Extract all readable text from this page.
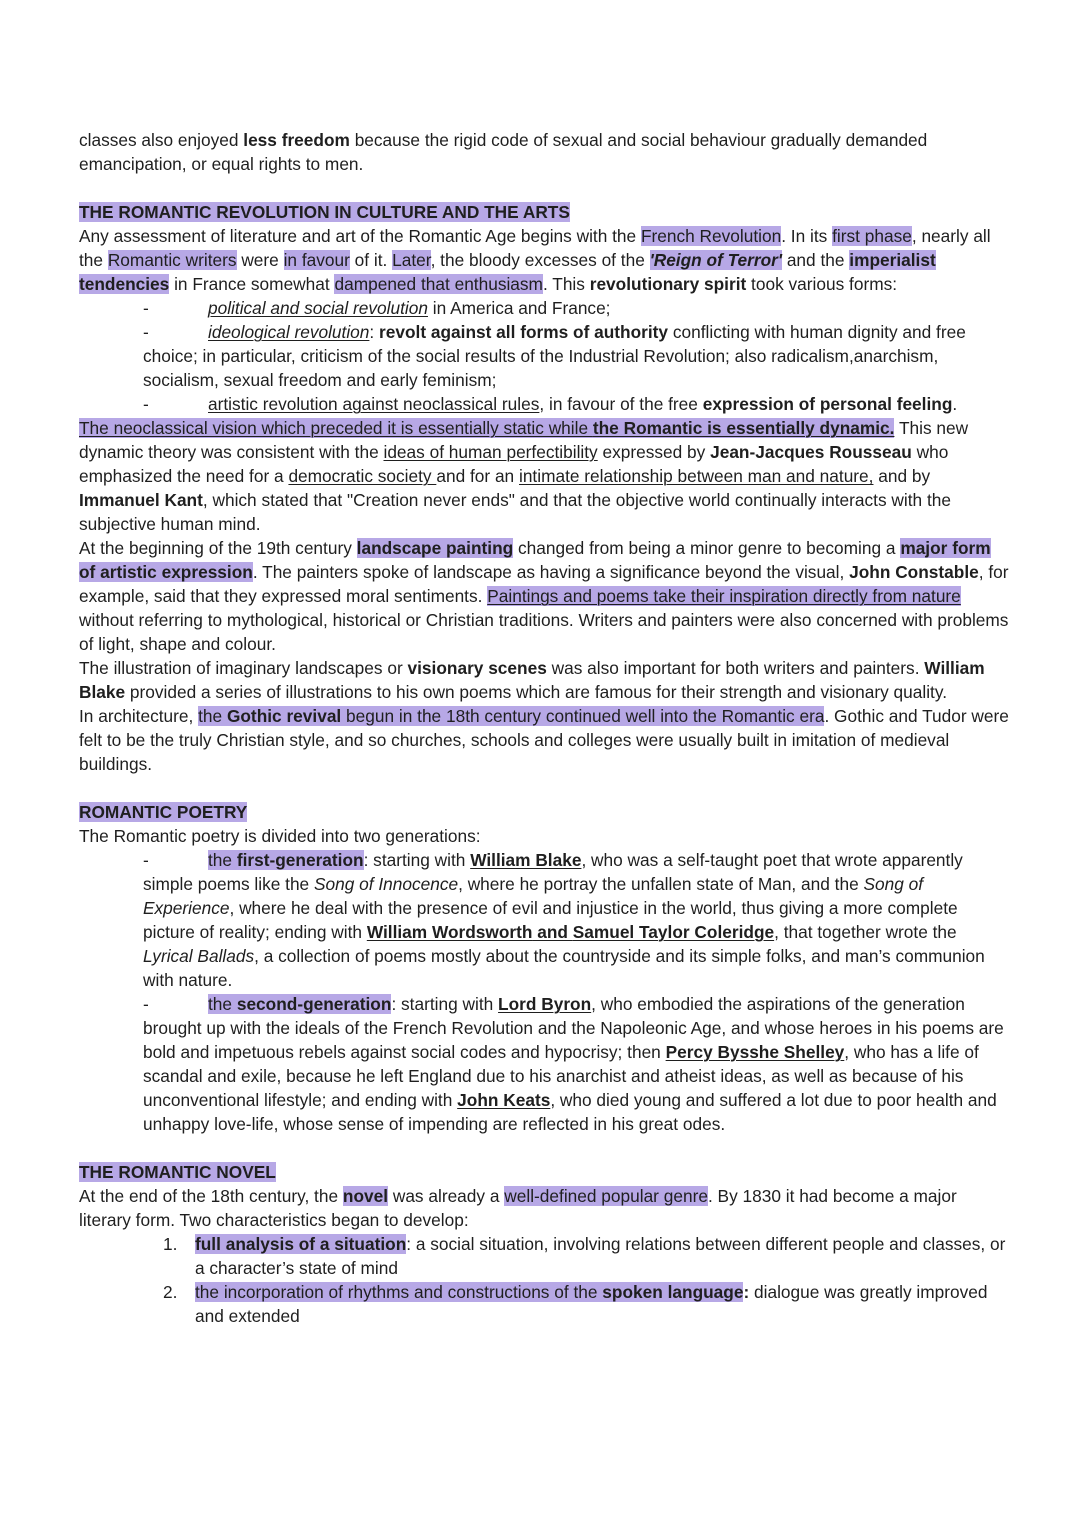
classes also enjoyed less freedom because the rigid code of sexual and social behaviour gradually demanded emancipation, or equal rights to men.

THE ROMANTIC REVOLUTION IN CULTURE AND THE ARTS

Any assessment of literature and art of the Romantic Age begins with the French Revolution. In its first phase, nearly all the Romantic writers were in favour of it. Later, the bloody excesses of the 'Reign of Terror' and the imperialist tendencies in France somewhat dampened that enthusiasm. This revolutionary spirit took various forms:

-	political and social revolution in America and France;

-	ideological revolution: revolt against all forms of authority conflicting with human dignity and free choice; in particular, criticism of the social results of the Industrial Revolution; also radicalism,anarchism, socialism, sexual freedom and early feminism;

-	artistic revolution against neoclassical rules, in favour of the free expression of personal feeling.

The neoclassical vision which preceded it is essentially static while the Romantic is essentially dynamic. This new dynamic theory was consistent with the ideas of human perfectibility expressed by Jean-Jacques Rousseau who emphasized the need for a democratic society and for an intimate relationship between man and nature, and by Immanuel Kant, which stated that "Creation never ends" and that the objective world continually interacts with the subjective human mind.

At the beginning of the 19th century landscape painting changed from being a minor genre to becoming a major form of artistic expression. The painters spoke of landscape as having a significance beyond the visual, John Constable, for example, said that they expressed moral sentiments. Paintings and poems take their inspiration directly from nature without referring to mythological, historical or Christian traditions. Writers and painters were also concerned with problems of light, shape and colour.

The illustration of imaginary landscapes or visionary scenes was also important for both writers and painters. William Blake provided a series of illustrations to his own poems which are famous for their strength and visionary quality.

In architecture, the Gothic revival begun in the 18th century continued well into the Romantic era. Gothic and Tudor were felt to be the truly Christian style, and so churches, schools and colleges were usually built in imitation of medieval buildings.

ROMANTIC POETRY

The Romantic poetry is divided into two generations:

-	the first-generation: starting with William Blake, who was a self-taught poet that wrote apparently simple poems like the Song of Innocence, where he portray the unfallen state of Man, and the Song of Experience, where he deal with the presence of evil and injustice in the world, thus giving a more complete picture of reality; ending with William Wordsworth and Samuel Taylor Coleridge, that together wrote the Lyrical Ballads, a collection of poems mostly about the countryside and its simple folks, and man’s communion with nature.

-	the second-generation: starting with Lord Byron, who embodied the aspirations of the generation brought up with the ideals of the French Revolution and the Napoleonic Age, and whose heroes in his poems are bold and impetuous rebels against social codes and hypocrisy; then Percy Bysshe Shelley, who has a life of scandal and exile, because he left England due to his anarchist and atheist ideas, as well as because of his unconventional lifestyle; and ending with John Keats, who died young and suffered a lot due to poor health and unhappy love-life, whose sense of impending are reflected in his great odes.

THE ROMANTIC NOVEL

At the end of the 18th century, the novel was already a well-defined popular genre. By 1830 it had become a major literary form. Two characteristics began to develop:

1. full analysis of a situation: a social situation, involving relations between different people and classes, or a character’s state of mind

2. the incorporation of rhythms and constructions of the spoken language: dialogue was greatly improved and extended
